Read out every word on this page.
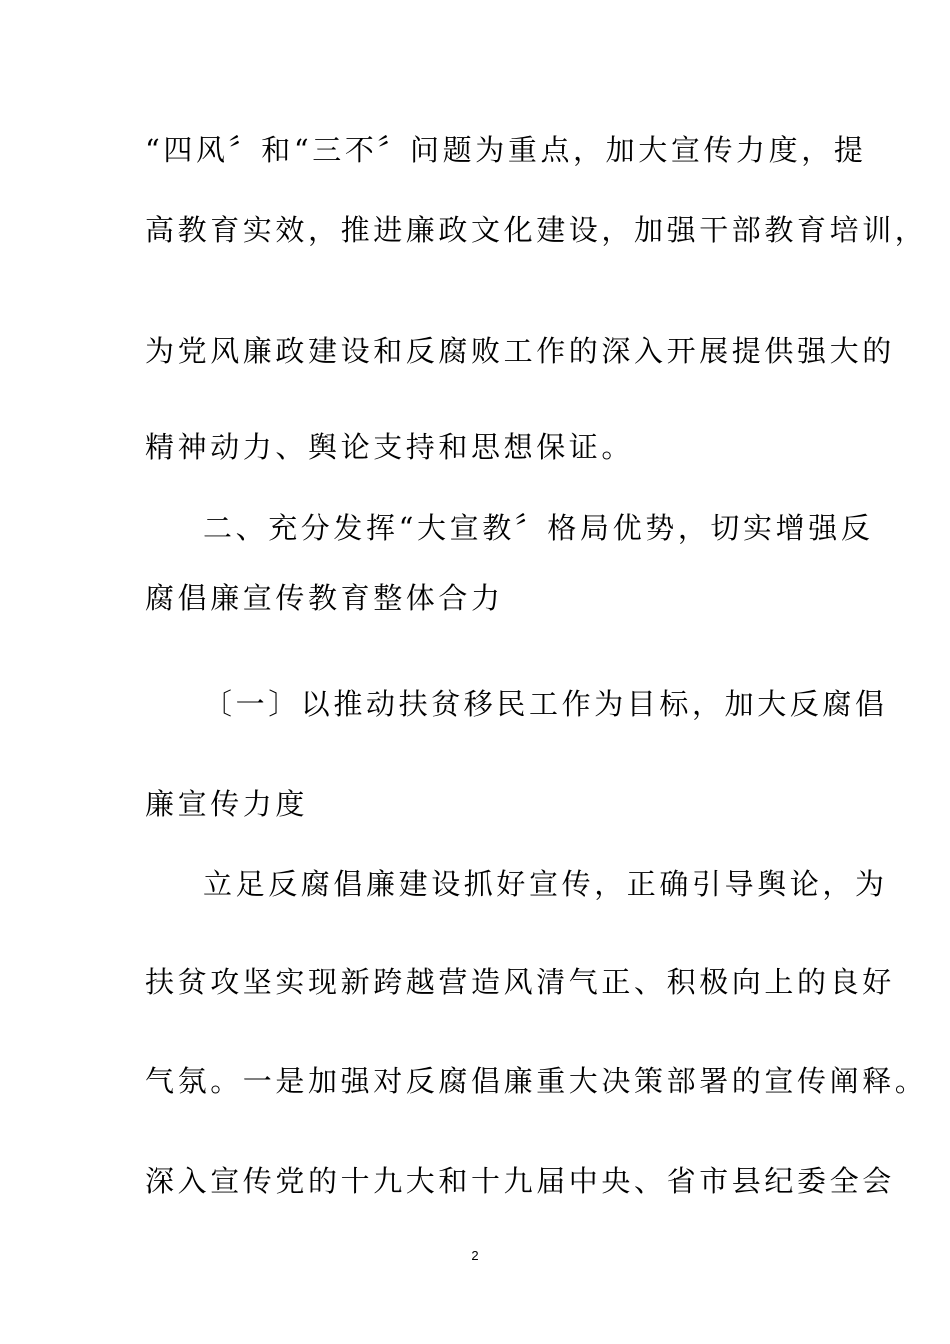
“四风〞和“三不〞问题为重点，加大宣传力度，提
高教育实效，推进廉政文化建设，加强干部教育培训，
为党风廉政建设和反腐败工作的深入开展提供强大的
精神动力、舆论支持和思想保证。
二、充分发挥“大宣教〞格局优势，切实增强反
腐倡廉宣传教育整体合力
〔一〕以推动扶贫移民工作为目标，加大反腐倡
廉宣传力度
立足反腐倡廉建设抓好宣传，正确引导舆论，为
扶贫攻坚实现新跨越营造风清气正、积极向上的良好
气氛。一是加强对反腐倡廉重大决策部署的宣传阐释。
深入宣传党的十九大和十九届中央、省市县纪委全会
2
